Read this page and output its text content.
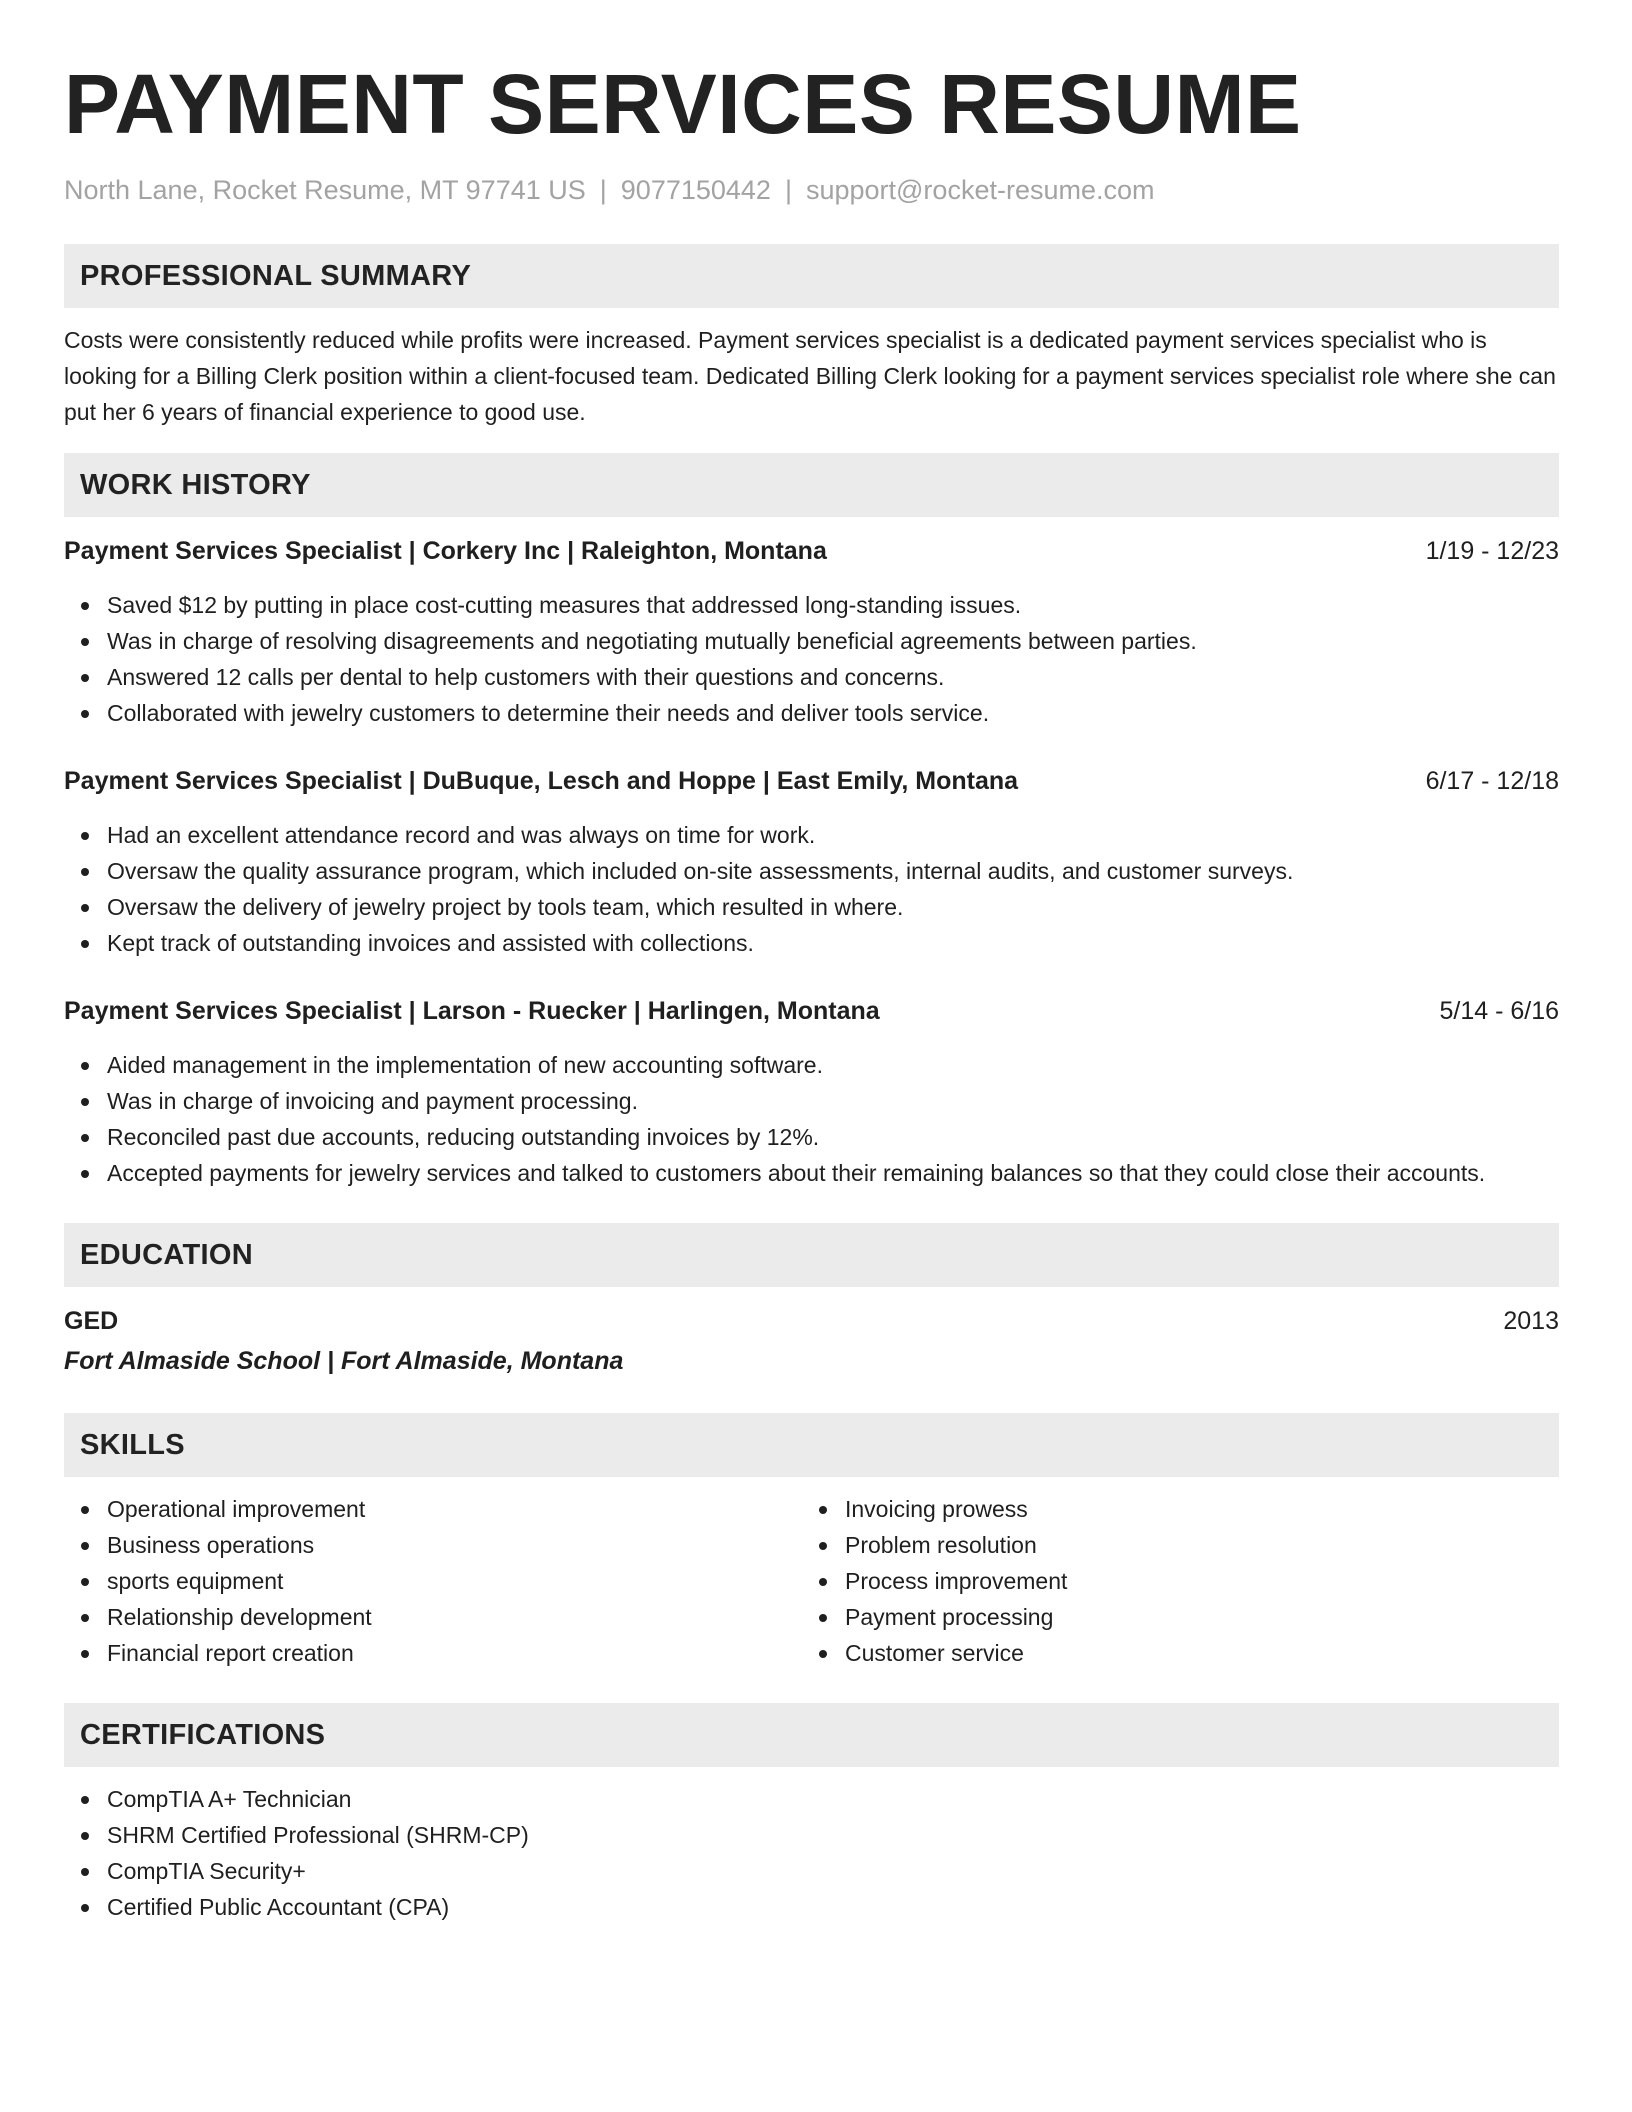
PAYMENT SERVICES RESUME
North Lane, Rocket Resume, MT 97741 US | 9077150442 | support@rocket-resume.com
PROFESSIONAL SUMMARY
Costs were consistently reduced while profits were increased. Payment services specialist is a dedicated payment services specialist who is looking for a Billing Clerk position within a client-focused team. Dedicated Billing Clerk looking for a payment services specialist role where she can put her 6 years of financial experience to good use.
WORK HISTORY
Payment Services Specialist | Corkery Inc | Raleighton, Montana	1/19 - 12/23
Saved $12 by putting in place cost-cutting measures that addressed long-standing issues.
Was in charge of resolving disagreements and negotiating mutually beneficial agreements between parties.
Answered 12 calls per dental to help customers with their questions and concerns.
Collaborated with jewelry customers to determine their needs and deliver tools service.
Payment Services Specialist | DuBuque, Lesch and Hoppe | East Emily, Montana	6/17 - 12/18
Had an excellent attendance record and was always on time for work.
Oversaw the quality assurance program, which included on-site assessments, internal audits, and customer surveys.
Oversaw the delivery of jewelry project by tools team, which resulted in where.
Kept track of outstanding invoices and assisted with collections.
Payment Services Specialist | Larson - Ruecker | Harlingen, Montana	5/14 - 6/16
Aided management in the implementation of new accounting software.
Was in charge of invoicing and payment processing.
Reconciled past due accounts, reducing outstanding invoices by 12%.
Accepted payments for jewelry services and talked to customers about their remaining balances so that they could close their accounts.
EDUCATION
GED	2013
Fort Almaside School | Fort Almaside, Montana
SKILLS
Operational improvement
Business operations
sports equipment
Relationship development
Financial report creation
Invoicing prowess
Problem resolution
Process improvement
Payment processing
Customer service
CERTIFICATIONS
CompTIA A+ Technician
SHRM Certified Professional (SHRM-CP)
CompTIA Security+
Certified Public Accountant (CPA)
